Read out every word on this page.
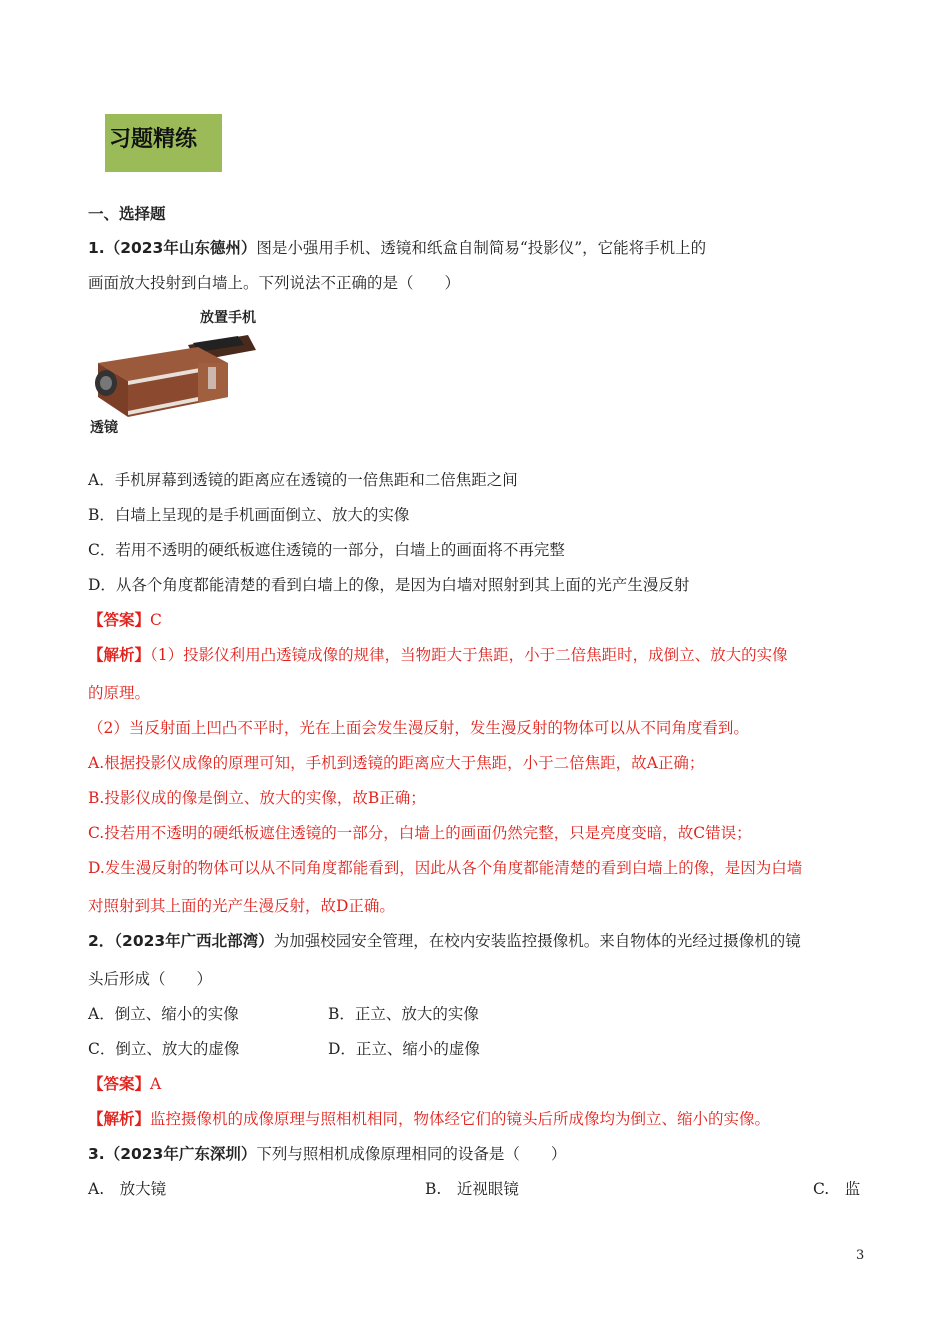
习题精练
一、选择题
1.（2023年山东德州）图是小强用手机、透镜和纸盒自制简易“投影仪”，它能将手机上的
画面放大投射到白墙上。下列说法不正确的是（　　）
放置手机
透镜
A．手机屏幕到透镜的距离应在透镜的一倍焦距和二倍焦距之间
B．白墙上呈现的是手机画面倒立、放大的实像
C．若用不透明的硬纸板遮住透镜的一部分，白墙上的画面将不再完整
D．从各个角度都能清楚的看到白墙上的像，是因为白墙对照射到其上面的光产生漫反射
【答案】C
【解析】（1）投影仪利用凸透镜成像的规律，当物距大于焦距，小于二倍焦距时，成倒立、放大的实像
的原理。
（2）当反射面上凹凸不平时，光在上面会发生漫反射，发生漫反射的物体可以从不同角度看到。
A.根据投影仪成像的原理可知，手机到透镜的距离应大于焦距，小于二倍焦距，故A正确；
B.投影仪成的像是倒立、放大的实像，故B正确；
C.投若用不透明的硬纸板遮住透镜的一部分，白墙上的画面仍然完整，只是亮度变暗，故C错误；
D.发生漫反射的物体可以从不同角度都能看到，因此从各个角度都能清楚的看到白墙上的像，是因为白墙
对照射到其上面的光产生漫反射，故D正确。
2．（2023年广西北部湾）为加强校园安全管理，在校内安装监控摄像机。来自物体的光经过摄像机的镜
头后形成（　　）
A．倒立、缩小的实像	B．正立、放大的实像
C．倒立、放大的虚像	D．正立、缩小的虚像
【答案】A
【解析】监控摄像机的成像原理与照相机相同，物体经它们的镜头后所成像均为倒立、缩小的实像。
3.（2023年广东深圳）下列与照相机成像原理相同的设备是（　　）
A.　放大镜	B.　近视眼镜	C.　监
3
